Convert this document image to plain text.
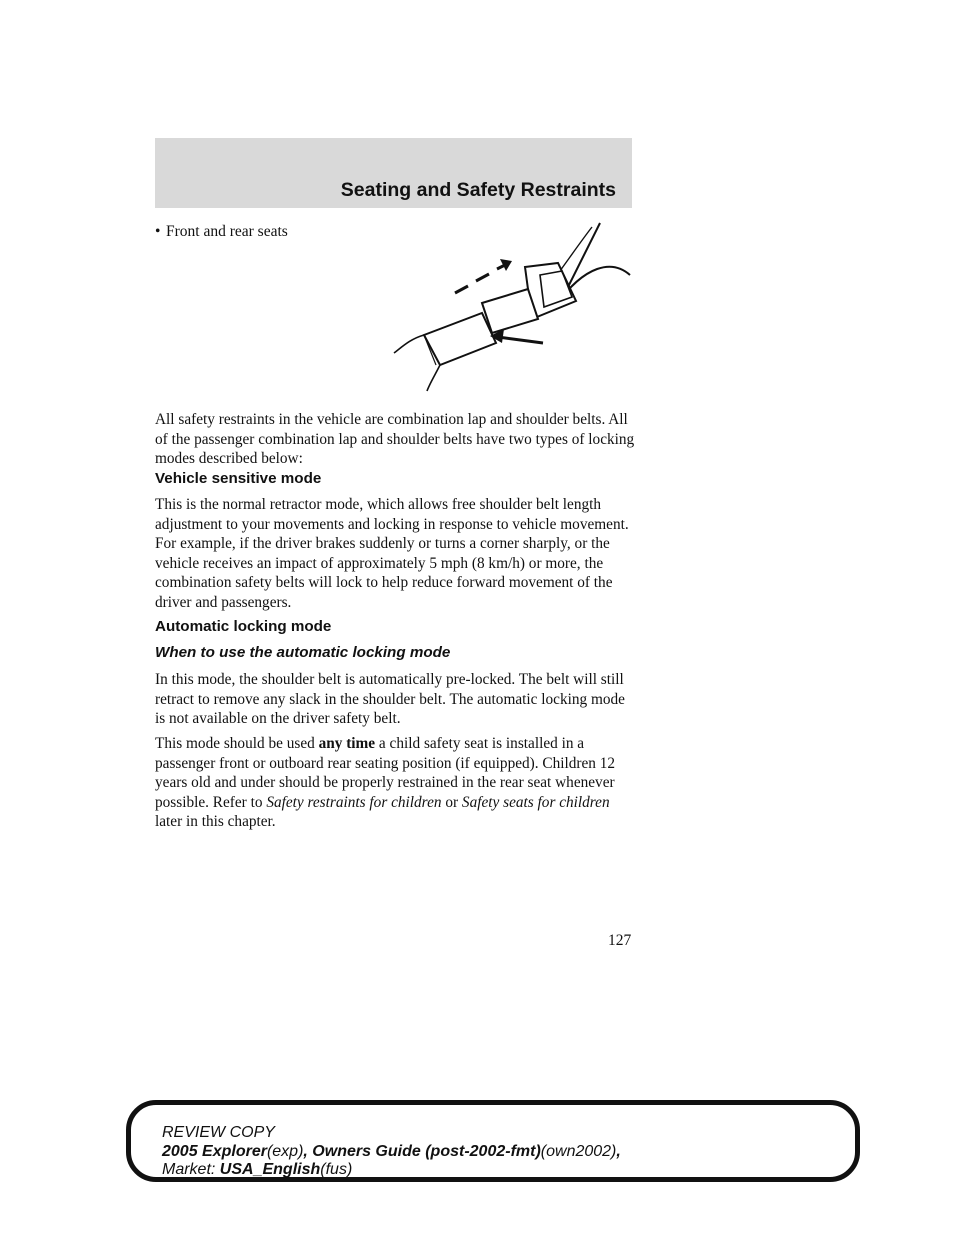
Seating and Safety Restraints
• Front and rear seats

All safety restraints in the vehicle are combination lap and shoulder belts. All of the passenger combination lap and shoulder belts have two types of locking modes described below:

Vehicle sensitive mode

This is the normal retractor mode, which allows free shoulder belt length adjustment to your movements and locking in response to vehicle movement. For example, if the driver brakes suddenly or turns a corner sharply, or the vehicle receives an impact of approximately 5 mph (8 km/h) or more, the combination safety belts will lock to help reduce forward movement of the driver and passengers.

Automatic locking mode

When to use the automatic locking mode

In this mode, the shoulder belt is automatically pre-locked. The belt will still retract to remove any slack in the shoulder belt. The automatic locking mode is not available on the driver safety belt.

This mode should be used any time a child safety seat is installed in a passenger front or outboard rear seating position (if equipped). Children 12 years old and under should be properly restrained in the rear seat whenever possible. Refer to Safety restraints for children or Safety seats for children later in this chapter.

127
REVIEW COPY
2005 Explorer(exp), Owners Guide (post-2002-fmt)(own2002),
Market: USA_English(fus)
